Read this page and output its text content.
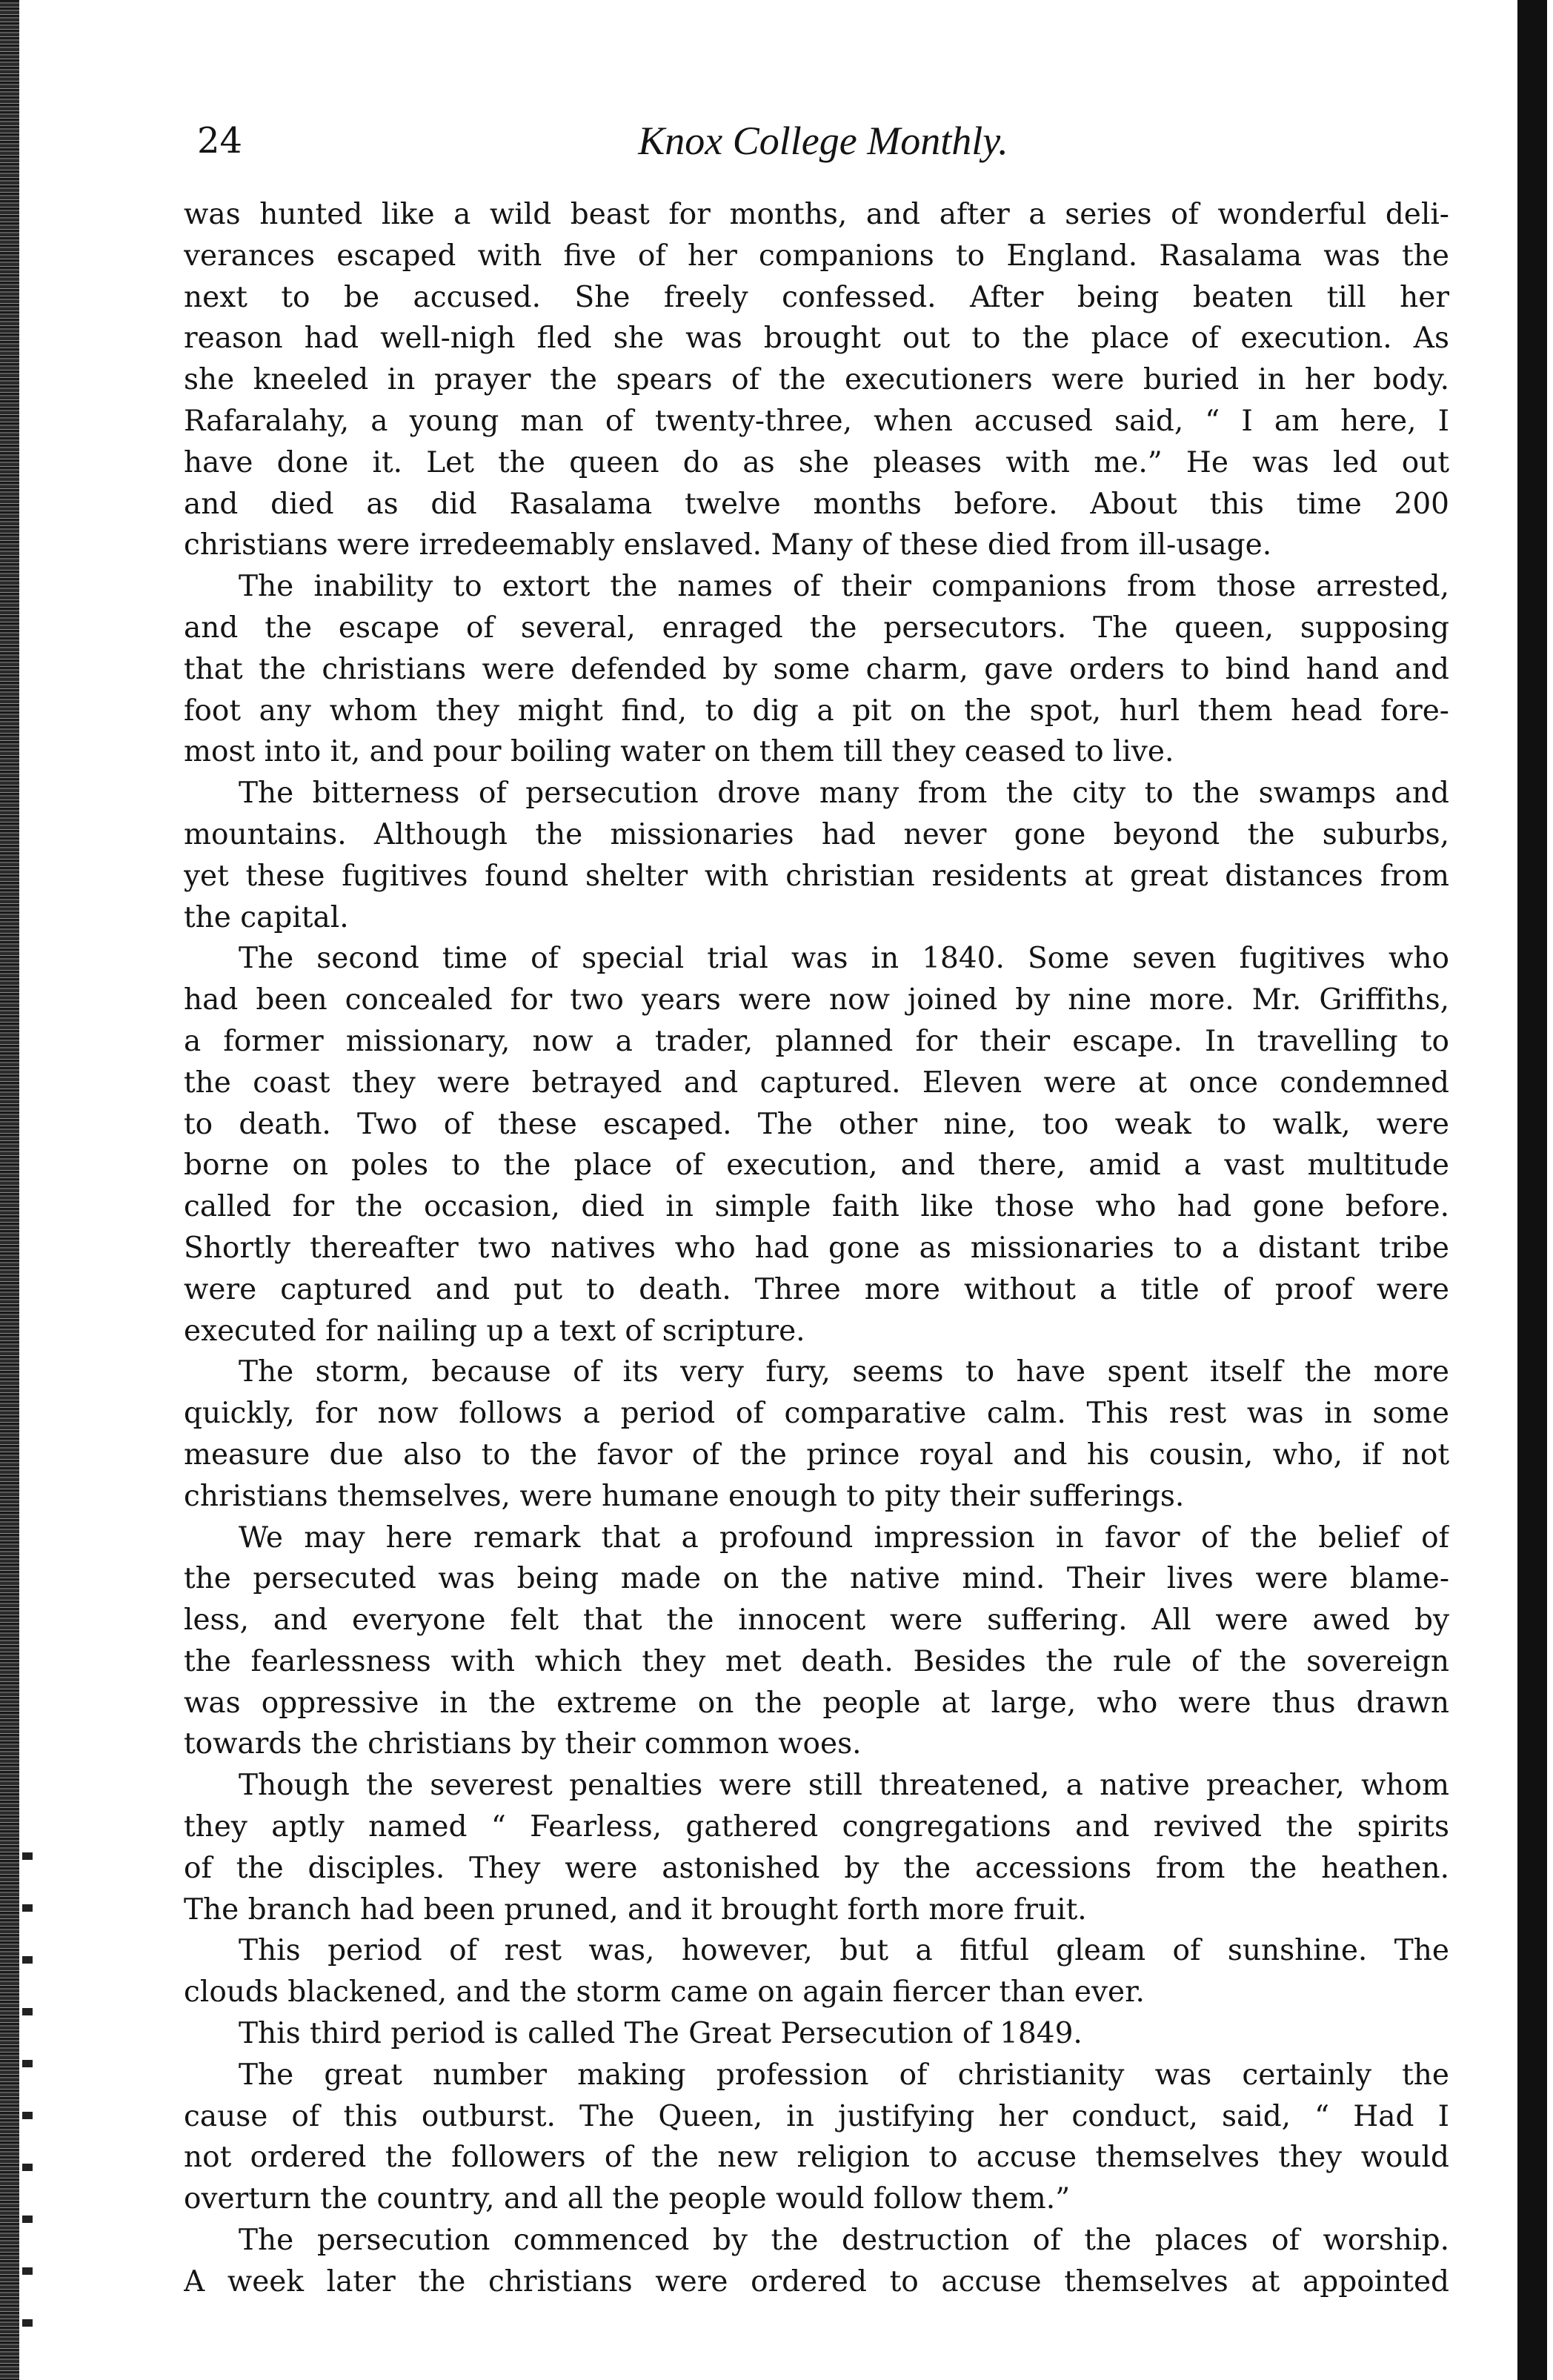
24	Knox College Monthly.
was hunted like a wild beast for months, and after a series of wonderful deli-
verances escaped with five of her companions to England. Rasalama was the
next to be accused. She freely confessed. After being beaten till her
reason had well-nigh fled she was brought out to the place of execution. As
she kneeled in prayer the spears of the executioners were buried in her body.
Rafaralahy, a young man of twenty-three, when accused said, “ I am here, I
have done it. Let the queen do as she pleases with me.” He was led out
and died as did Rasalama twelve months before. About this time 200
christians were irredeemably enslaved. Many of these died from ill-usage.
The inability to extort the names of their companions from those arrested,
and the escape of several, enraged the persecutors. The queen, supposing
that the christians were defended by some charm, gave orders to bind hand and
foot any whom they might find, to dig a pit on the spot, hurl them head fore-
most into it, and pour boiling water on them till they ceased to live.
The bitterness of persecution drove many from the city to the swamps and
mountains. Although the missionaries had never gone beyond the suburbs,
yet these fugitives found shelter with christian residents at great distances from
the capital.
The second time of special trial was in 1840. Some seven fugitives who
had been concealed for two years were now joined by nine more. Mr. Griffiths,
a former missionary, now a trader, planned for their escape. In travelling to
the coast they were betrayed and captured. Eleven were at once condemned
to death. Two of these escaped. The other nine, too weak to walk, were
borne on poles to the place of execution, and there, amid a vast multitude
called for the occasion, died in simple faith like those who had gone before.
Shortly thereafter two natives who had gone as missionaries to a distant tribe
were captured and put to death. Three more without a title of proof were
executed for nailing up a text of scripture.
The storm, because of its very fury, seems to have spent itself the more
quickly, for now follows a period of comparative calm. This rest was in some
measure due also to the favor of the prince royal and his cousin, who, if not
christians themselves, were humane enough to pity their sufferings.
We may here remark that a profound impression in favor of the belief of
the persecuted was being made on the native mind. Their lives were blame-
less, and everyone felt that the innocent were suffering. All were awed by
the fearlessness with which they met death. Besides the rule of the sovereign
was oppressive in the extreme on the people at large, who were thus drawn
towards the christians by their common woes.
Though the severest penalties were still threatened, a native preacher, whom
they aptly named “ Fearless, gathered congregations and revived the spirits
of the disciples. They were astonished by the accessions from the heathen.
The branch had been pruned, and it brought forth more fruit.
This period of rest was, however, but a fitful gleam of sunshine. The
clouds blackened, and the storm came on again fiercer than ever.
This third period is called The Great Persecution of 1849.
The great number making profession of christianity was certainly the
cause of this outburst. The Queen, in justifying her conduct, said, “ Had I
not ordered the followers of the new religion to accuse themselves they would
overturn the country, and all the people would follow them.”
The persecution commenced by the destruction of the places of worship.
A week later the christians were ordered to accuse themselves at appointed
